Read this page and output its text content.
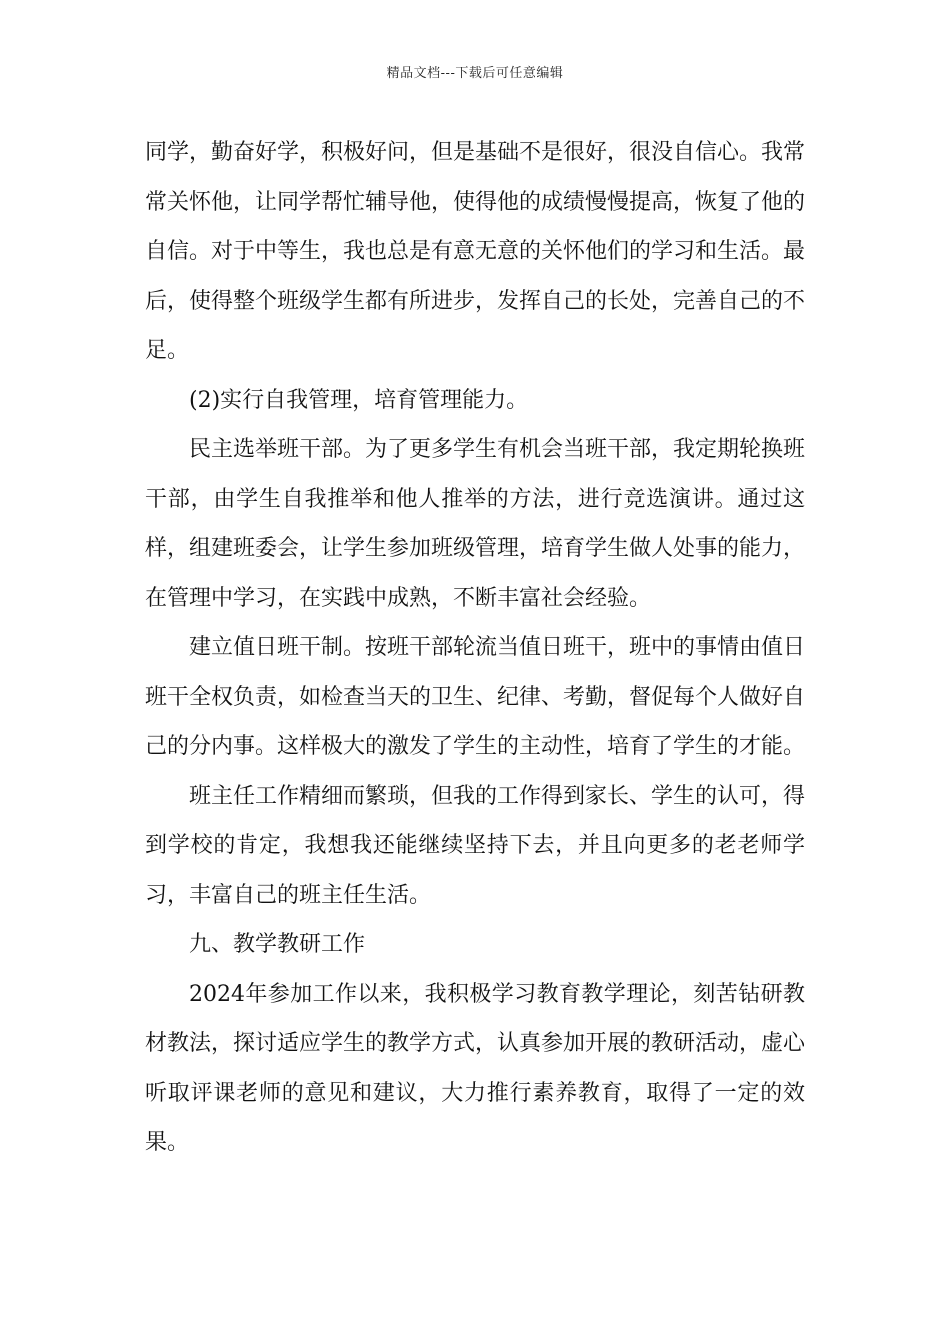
精品文档---下载后可任意编辑

同学，勤奋好学，积极好问，但是基础不是很好，很没自信心。我常常关怀他，让同学帮忙辅导他，使得他的成绩慢慢提高，恢复了他的自信。对于中等生，我也总是有意无意的关怀他们的学习和生活。最后，使得整个班级学生都有所进步，发挥自己的长处，完善自己的不足。

(2)实行自我管理，培育管理能力。

民主选举班干部。为了更多学生有机会当班干部，我定期轮换班干部，由学生自我推举和他人推举的方法，进行竞选演讲。通过这样，组建班委会，让学生参加班级管理，培育学生做人处事的能力，在管理中学习，在实践中成熟，不断丰富社会经验。

建立值日班干制。按班干部轮流当值日班干，班中的事情由值日班干全权负责，如检查当天的卫生、纪律、考勤，督促每个人做好自己的分内事。这样极大的激发了学生的主动性，培育了学生的才能。

班主任工作精细而繁琐，但我的工作得到家长、学生的认可，得到学校的肯定，我想我还能继续坚持下去，并且向更多的老老师学习，丰富自己的班主任生活。

九、教学教研工作

2024年参加工作以来，我积极学习教育教学理论，刻苦钻研教材教法，探讨适应学生的教学方式，认真参加开展的教研活动，虚心听取评课老师的意见和建议，大力推行素养教育，取得了一定的效果。
